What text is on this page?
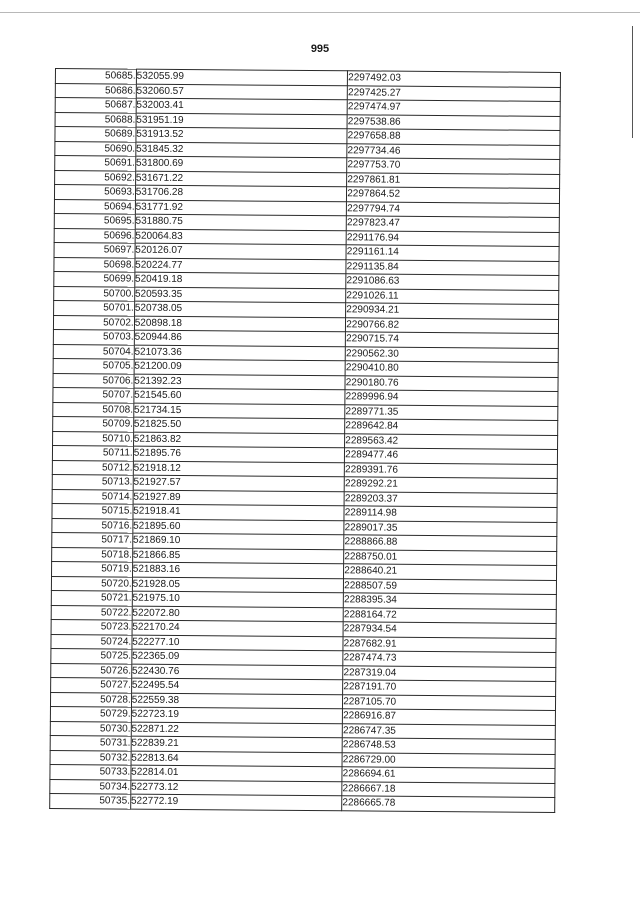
995
50685.	532055.99	2297492.03
50686.	532060.57	2297425.27
50687.	532003.41	2297474.97
50688.	531951.19	2297538.86
50689.	531913.52	2297658.88
50690.	531845.32	2297734.46
50691.	531800.69	2297753.70
50692.	531671.22	2297861.81
50693.	531706.28	2297864.52
50694.	531771.92	2297794.74
50695.	531880.75	2297823.47
50696.	520064.83	2291176.94
50697.	520126.07	2291161.14
50698.	520224.77	2291135.84
50699.	520419.18	2291086.63
50700.	520593.35	2291026.11
50701.	520738.05	2290934.21
50702.	520898.18	2290766.82
50703.	520944.86	2290715.74
50704.	521073.36	2290562.30
50705.	521200.09	2290410.80
50706.	521392.23	2290180.76
50707.	521545.60	2289996.94
50708.	521734.15	2289771.35
50709.	521825.50	2289642.84
50710.	521863.82	2289563.42
50711.	521895.76	2289477.46
50712.	521918.12	2289391.76
50713.	521927.57	2289292.21
50714.	521927.89	2289203.37
50715.	521918.41	2289114.98
50716.	521895.60	2289017.35
50717.	521869.10	2288866.88
50718.	521866.85	2288750.01
50719.	521883.16	2288640.21
50720.	521928.05	2288507.59
50721.	521975.10	2288395.34
50722.	522072.80	2288164.72
50723.	522170.24	2287934.54
50724.	522277.10	2287682.91
50725.	522365.09	2287474.73
50726.	522430.76	2287319.04
50727.	522495.54	2287191.70
50728.	522559.38	2287105.70
50729.	522723.19	2286916.87
50730.	522871.22	2286747.35
50731.	522839.21	2286748.53
50732.	522813.64	2286729.00
50733.	522814.01	2286694.61
50734.	522773.12	2286667.18
50735.	522772.19	2286665.78
